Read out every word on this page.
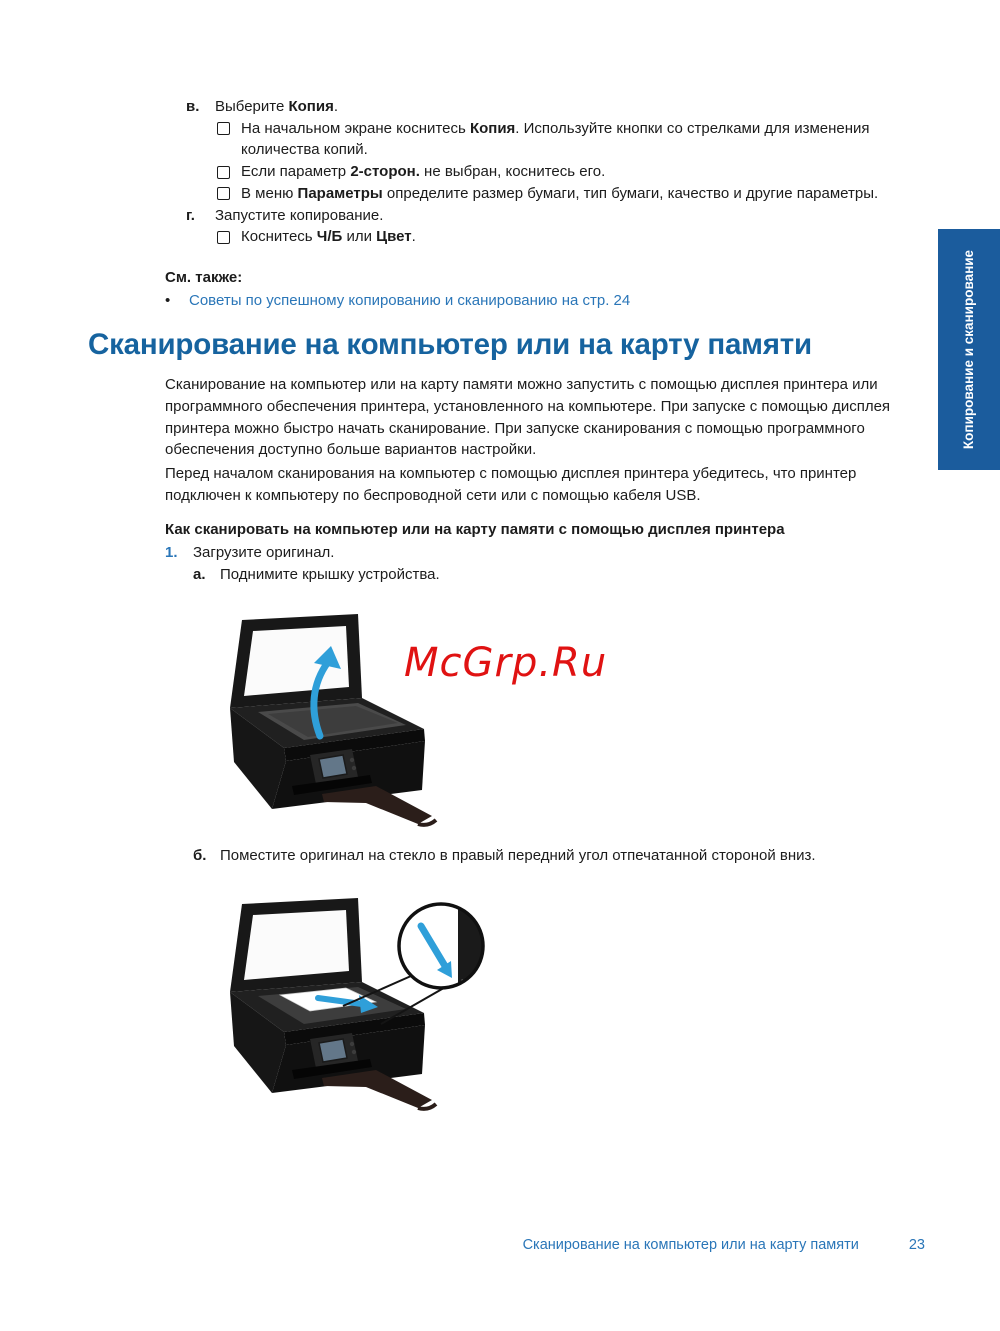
в.	Выберите Копия.
На начальном экране коснитесь Копия. Используйте кнопки со стрелками для изменения количества копий.
Если параметр 2-сторон. не выбран, коснитесь его.
В меню Параметры определите размер бумаги, тип бумаги, качество и другие параметры.
г.	Запустите копирование.
Коснитесь Ч/Б или Цвет.
См. также:
•	Советы по успешному копированию и сканированию на стр. 24
Сканирование на компьютер или на карту памяти
Сканирование на компьютер или на карту памяти можно запустить с помощью дисплея принтера или программного обеспечения принтера, установленного на компьютере. При запуске с помощью дисплея принтера можно быстро начать сканирование. При запуске сканирования с помощью программного обеспечения доступно больше вариантов настройки.
Перед началом сканирования на компьютер с помощью дисплея принтера убедитесь, что принтер подключен к компьютеру по беспроводной сети или с помощью кабеля USB.
Как сканировать на компьютер или на карту памяти с помощью дисплея принтера
1.	Загрузите оригинал.
а. Поднимите крышку устройства.
McGrp.Ru
б. Поместите оригинал на стекло в правый передний угол отпечатанной стороной вниз.
Копирование и сканирование
Сканирование на компьютер или на карту памяти	23
